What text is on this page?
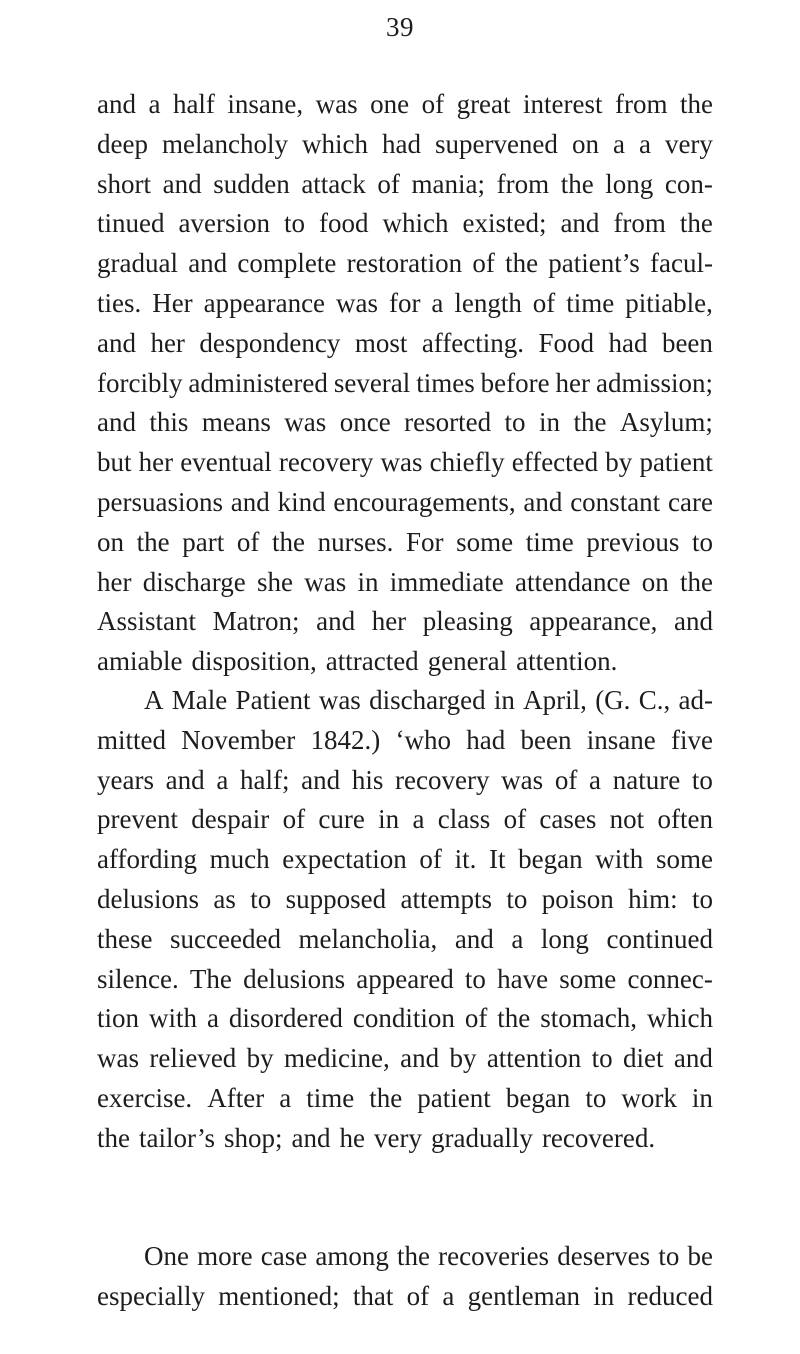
39
and a half insane, was one of great interest from the
deep melancholy which had supervened on a a very
short and sudden attack of mania; from the long con-
tinued aversion to food which existed; and from the
gradual and complete restoration of the patient’s facul-
ties. Her appearance was for a length of time pitiable,
and her despondency most affecting. Food had been
forcibly administered several times before her admission;
and this means was once resorted to in the Asylum;
but her eventual recovery was chiefly effected by patient
persuasions and kind encouragements, and constant care
on the part of the nurses. For some time previous to
her discharge she was in immediate attendance on the
Assistant Matron; and her pleasing appearance, and
amiable disposition, attracted general attention.
A Male Patient was discharged in April, (G. C., ad-
mitted November 1842.) ‘who had been insane five
years and a half; and his recovery was of a nature to
prevent despair of cure in a class of cases not often
affording much expectation of it. It began with some
delusions as to supposed attempts to poison him: to
these succeeded melancholia, and a long continued
silence. The delusions appeared to have some connec-
tion with a disordered condition of the stomach, which
was relieved by medicine, and by attention to diet and
exercise. After a time the patient began to work in
the tailor’s shop; and he very gradually recovered.
One more case among the recoveries deserves to be
especially mentioned; that of a gentleman in reduced
